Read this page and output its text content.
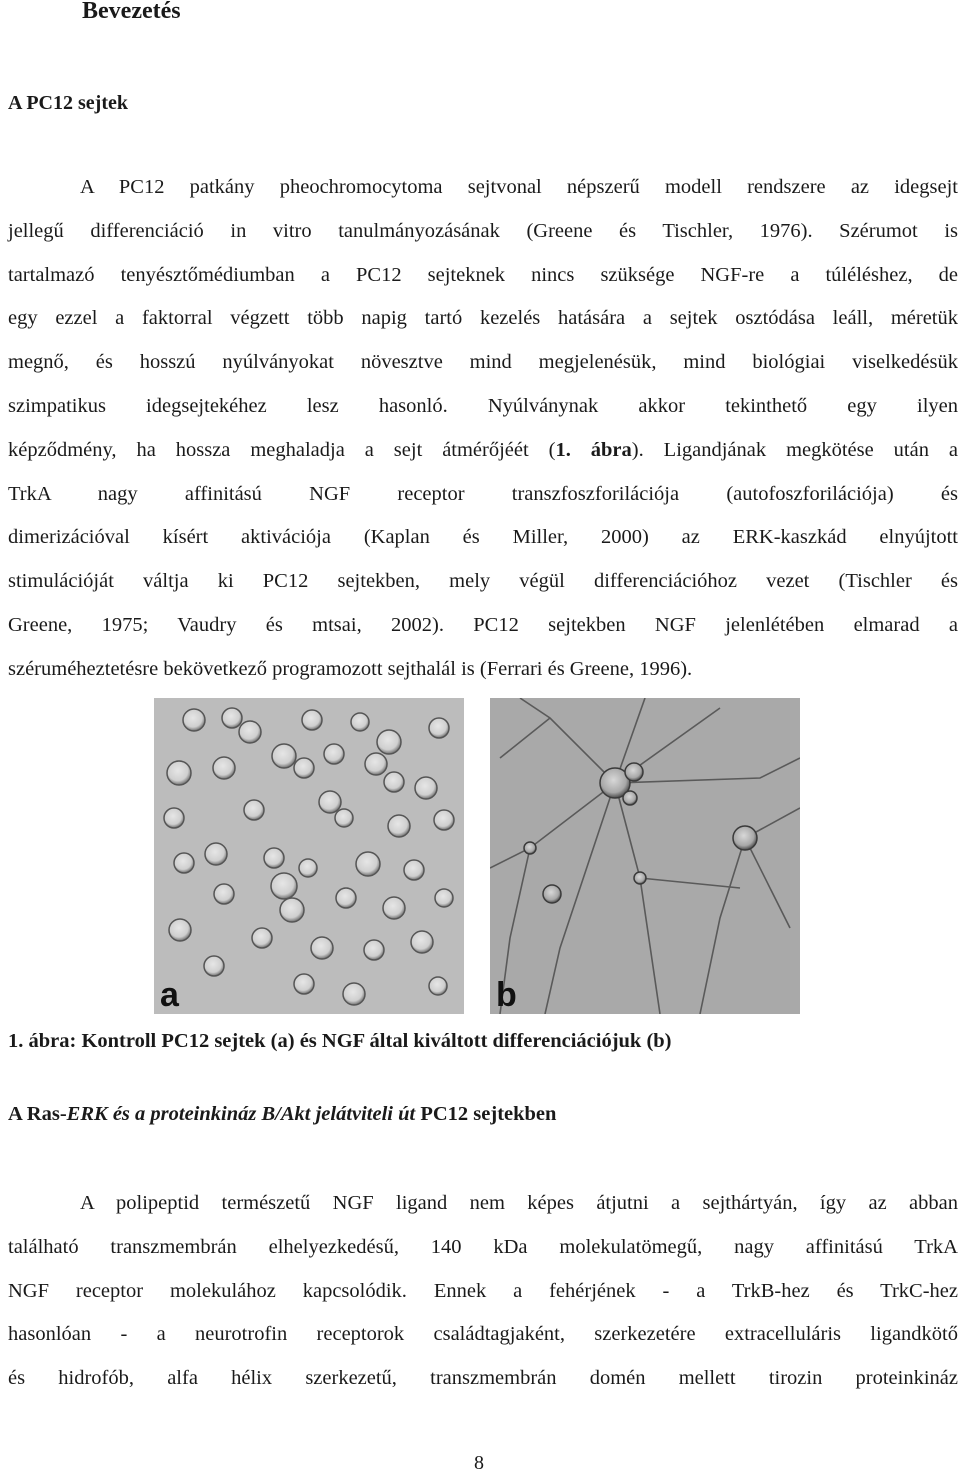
Bevezetés
A PC12 sejtek
A PC12 patkány pheochromocytoma sejtvonal népszerű modell rendszere az idegsejt
jellegű differenciáció in vitro tanulmányozásának (Greene és Tischler, 1976). Szérumot is
tartalmazó tenyésztőmédiumban a PC12 sejteknek nincs szüksége NGF-re a túléléshez, de
egy ezzel a faktorral végzett több napig tartó kezelés hatására a sejtek osztódása leáll, méretük
megnő, és hosszú nyúlványokat növesztve mind megjelenésük, mind biológiai viselkedésük
szimpatikus idegsejtekéhez lesz hasonló. Nyúlványnak akkor tekinthető egy ilyen
képződmény, ha hossza meghaladja a sejt átmérőjéét (1. ábra). Ligandjának megkötése után a
TrkA nagy affinitású NGF receptor transzfoszforilációja (autofoszforilációja) és
dimerizációval kísért aktivációja (Kaplan és Miller, 2000) az ERK-kaszkád elnyújtott
stimulációját váltja ki PC12 sejtekben, mely végül differenciációhoz vezet (Tischler és
Greene, 1975; Vaudry és mtsai, 2002). PC12 sejtekben NGF jelenlétében elmarad a
széruméheztetésre bekövetkező programozott sejthalál is (Ferrari és Greene, 1996).
a	b
1. ábra: Kontroll PC12 sejtek (a) és NGF által kiváltott differenciációjuk (b)
A Ras-ERK és a proteinkináz B/Akt jelátviteli út PC12 sejtekben
A polipeptid természetű NGF ligand nem képes átjutni a sejthártyán, így az abban
található transzmembrán elhelyezkedésű, 140 kDa molekulatömegű, nagy affinitású TrkA
NGF receptor molekulához kapcsolódik. Ennek a fehérjének - a TrkB-hez és TrkC-hez
hasonlóan - a neurotrofin receptorok családtagjaként, szerkezetére extracelluláris ligandkötő
és hidrofób, alfa hélix szerkezetű, transzmembrán domén mellett tirozin proteinkináz
8
